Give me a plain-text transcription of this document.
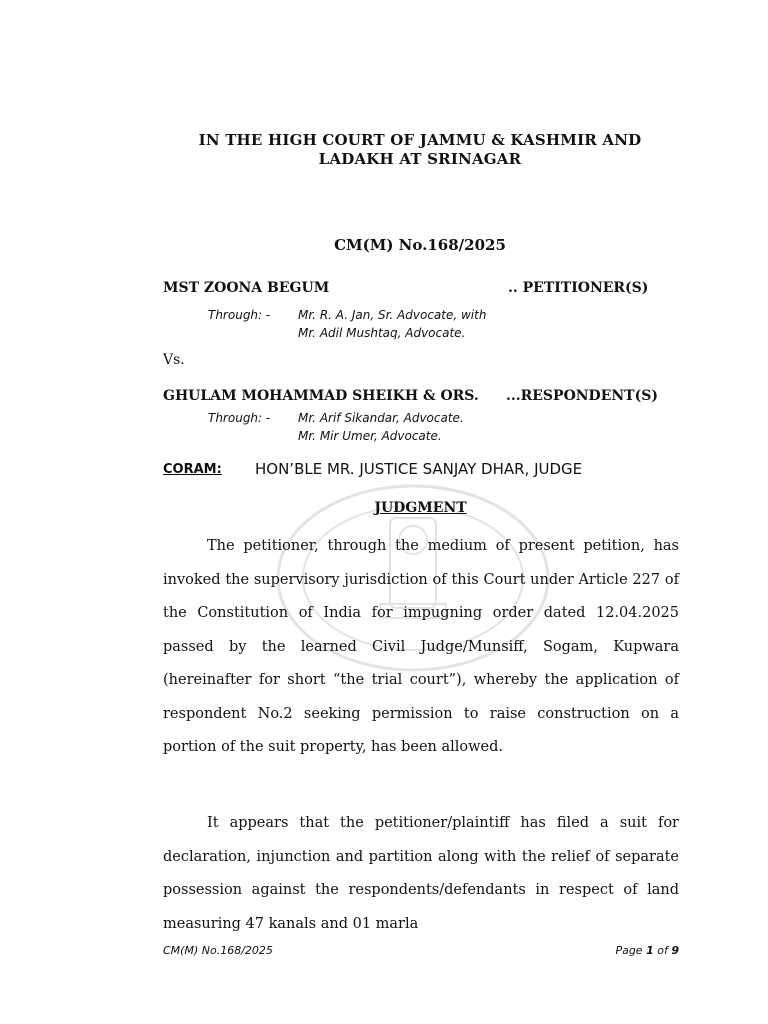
IN THE HIGH COURT OF JAMMU & KASHMIR AND
LADAKH AT SRINAGAR
CM(M) No.168/2025
MST ZOONA BEGUM	.. PETITIONER(S)
Through: - Mr. R. A. Jan, Sr. Advocate, with
Mr. Adil Mushtaq, Advocate.
Vs.
GHULAM MOHAMMAD SHEIKH & ORS. ...RESPONDENT(S)
Through: - Mr. Arif Sikandar, Advocate.
Mr. Mir Umer, Advocate.
CORAM: HON’BLE MR. JUSTICE SANJAY DHAR, JUDGE
JUDGMENT

The petitioner, through the medium of present petition, has invoked the supervisory jurisdiction of this Court under Article 227 of the Constitution of India for impugning order dated 12.04.2025 passed by the learned Civil Judge/Munsiff, Sogam, Kupwara (hereinafter for short “the trial court”), whereby the application of respondent No.2 seeking permission to raise construction on a portion of the suit property, has been allowed.

It appears that the petitioner/plaintiff has filed a suit for declaration, injunction and partition along with the relief of separate possession against the respondents/defendants in respect of land measuring 47 kanals and 01 marla

CM(M) No.168/2025	Page 1 of 9
